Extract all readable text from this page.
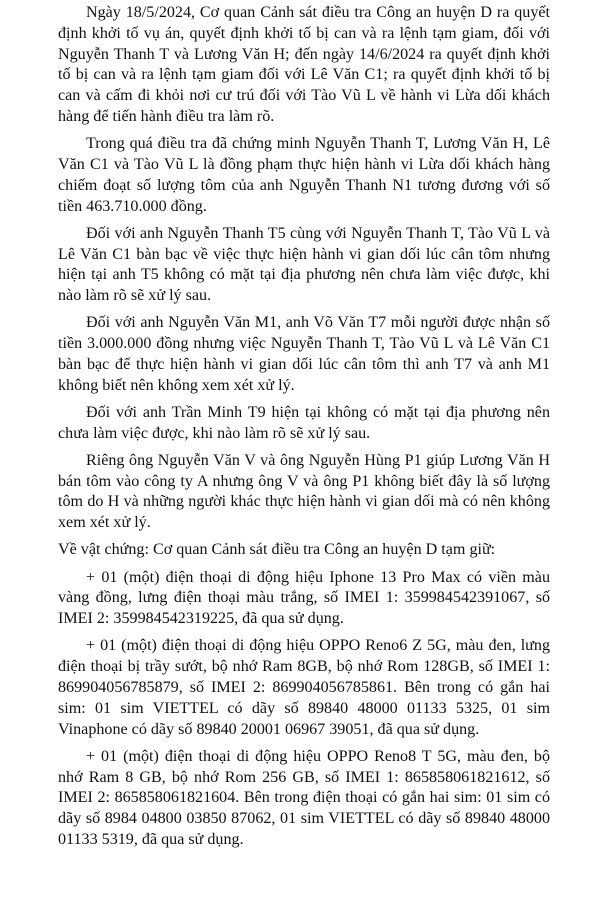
Ngày 18/5/2024, Cơ quan Cảnh sát điều tra Công an huyện D ra quyết định khởi tố vụ án, quyết định khởi tố bị can và ra lệnh tạm giam, đối với Nguyễn Thanh T và Lương Văn H; đến ngày 14/6/2024 ra quyết định khởi tố bị can và ra lệnh tạm giam đối với Lê Văn C1; ra quyết định khởi tố bị can và cấm đi khỏi nơi cư trú đối với Tào Vũ L về hành vi Lừa dối khách hàng để tiến hành điều tra làm rõ.

Trong quá điều tra đã chứng minh Nguyễn Thanh T, Lương Văn H, Lê Văn C1 và Tào Vũ L là đồng phạm thực hiện hành vi Lừa dối khách hàng chiếm đoạt số lượng tôm của anh Nguyễn Thanh N1 tương đương với số tiền 463.710.000 đồng.

Đối với anh Nguyễn Thanh T5 cùng với Nguyễn Thanh T, Tào Vũ L và Lê Văn C1 bàn bạc về việc thực hiện hành vi gian dối lúc cân tôm nhưng hiện tại anh T5 không có mặt tại địa phương nên chưa làm việc được, khi nào làm rõ sẽ xử lý sau.

Đối với anh Nguyễn Văn M1, anh Võ Văn T7 mỗi người được nhận số tiền 3.000.000 đồng nhưng việc Nguyễn Thanh T, Tào Vũ L và Lê Văn C1 bàn bạc để thực hiện hành vi gian dối lúc cân tôm thì anh T7 và anh M1 không biết nên không xem xét xử lý.

Đối với anh Trần Minh T9 hiện tại không có mặt tại địa phương nên chưa làm việc được, khi nào làm rõ sẽ xử lý sau.

Riêng ông Nguyễn Văn V và ông Nguyễn Hùng P1 giúp Lương Văn H bán tôm vào công ty A nhưng ông V và ông P1 không biết đây là số lượng tôm do H và những người khác thực hiện hành vi gian dối mà có nên không xem xét xử lý.

Về vật chứng: Cơ quan Cảnh sát điều tra Công an huyện D tạm giữ:

+ 01 (một) điện thoại di động hiệu Iphone 13 Pro Max có viền màu vàng đồng, lưng điện thoại màu trắng, số IMEI 1: 359984542391067, số IMEI 2: 359984542319225, đã qua sử dụng.

+ 01 (một) điện thoại di động hiệu OPPO Reno6 Z 5G, màu đen, lưng điện thoại bị trầy sướt, bộ nhớ Ram 8GB, bộ nhớ Rom 128GB, số IMEI 1: 869904056785879, số IMEI 2: 869904056785861. Bên trong có gắn hai sim: 01 sim VIETTEL có dãy số 89840 48000 01133 5325, 01 sim Vinaphone có dãy số 89840 20001 06967 39051, đã qua sử dụng.

+ 01 (một) điện thoại di động hiệu OPPO Reno8 T 5G, màu đen, bộ nhớ Ram 8 GB, bộ nhớ Rom 256 GB, số IMEI 1: 865858061821612, số IMEI 2: 865858061821604. Bên trong điện thoại có gắn hai sim: 01 sim có dãy số 8984 04800 03850 87062, 01 sim VIETTEL có dãy số 89840 48000 01133 5319, đã qua sử dụng.
